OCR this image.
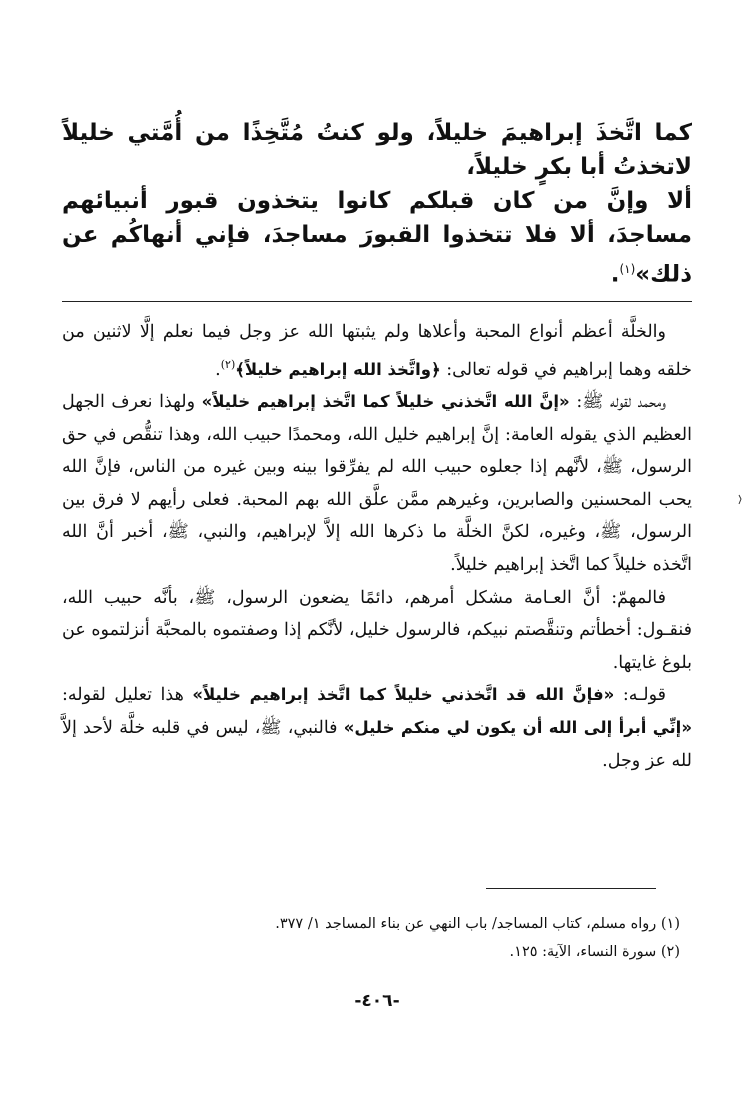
كما اتَّخذَ إبراهيمَ خليلاً، ولو كنتُ مُتَّخِذًا من أُمَّتي خليلاً لاتخذتُ أبا بكرٍ خليلاً،

ألا وإنَّ من كان قبلكم كانوا يتخذون قبور أنبيائهم مساجدَ، ألا فلا تتخذوا القبورَ مساجدَ، فإني أنهاكُم عن ذلك»$^{(١)}$.

والخلَّة أعظم أنواع المحبة وأعلاها ولم يثبتها الله عز وجل فيما نعلم إلَّا لاثنين من خلقه وهما إبراهيم في قوله تعالى: ﴿واتَّخذ الله إبراهيم خليلاً﴾$^{(٢)}$.

ومحمد لقوله ﷺ: «إنَّ الله اتَّخذني خليلاً كما اتَّخذ إبراهيم خليلاً» ولهذا نعرف الجهل العظيم الذي يقوله العامة: إنَّ إبراهيم خليل الله، ومحمدًا حبيب الله، وهذا تنقُّص في حق الرسول، ﷺ، لأنَّهم إذا جعلوه حبيب الله لم يفرِّقوا بينه وبين غيره من الناس، فإنَّ الله يحب المحسنين والصابرين، وغيرهم ممَّن علَّق الله بهم المحبة. فعلى رأيهم لا فرق بين الرسول، ﷺ، وغيره، لكنَّ الخلَّة ما ذكرها الله إلاَّ لإبراهيم، والنبي، ﷺ، أخبر أنَّ الله اتَّخذه خليلاً كما اتَّخذ إبراهيم خليلاً.

فالمهمّ: أنَّ العـامة مشكل أمرهم، دائمًا يضعون الرسول، ﷺ، بأنَّه حبيب الله، فنقـول: أخطأتم وتنقَّصتم نبيكم، فالرسول خليل، لأنَّكم إذا وصفتموه بالمحبَّة أنزلتموه عن بلوغ غايتها.

قولـه: «فإنَّ الله قد اتَّخذني خليلاً كما اتَّخذ إبراهيم خليلاً» هذا تعليل لقوله: «إنِّي أبرأ إلى الله أن يكون لي منكم خليل» فالنبي، ﷺ، ليس في قلبه خلَّة لأحد إلاَّ لله عز وجل.

(١) رواه مسلم، كتاب المساجد/ باب النهي عن بناء المساجد ١/ ٣٧٧.

(٢) سورة النساء، الآية: ١٢٥.

-٤٠٦-
